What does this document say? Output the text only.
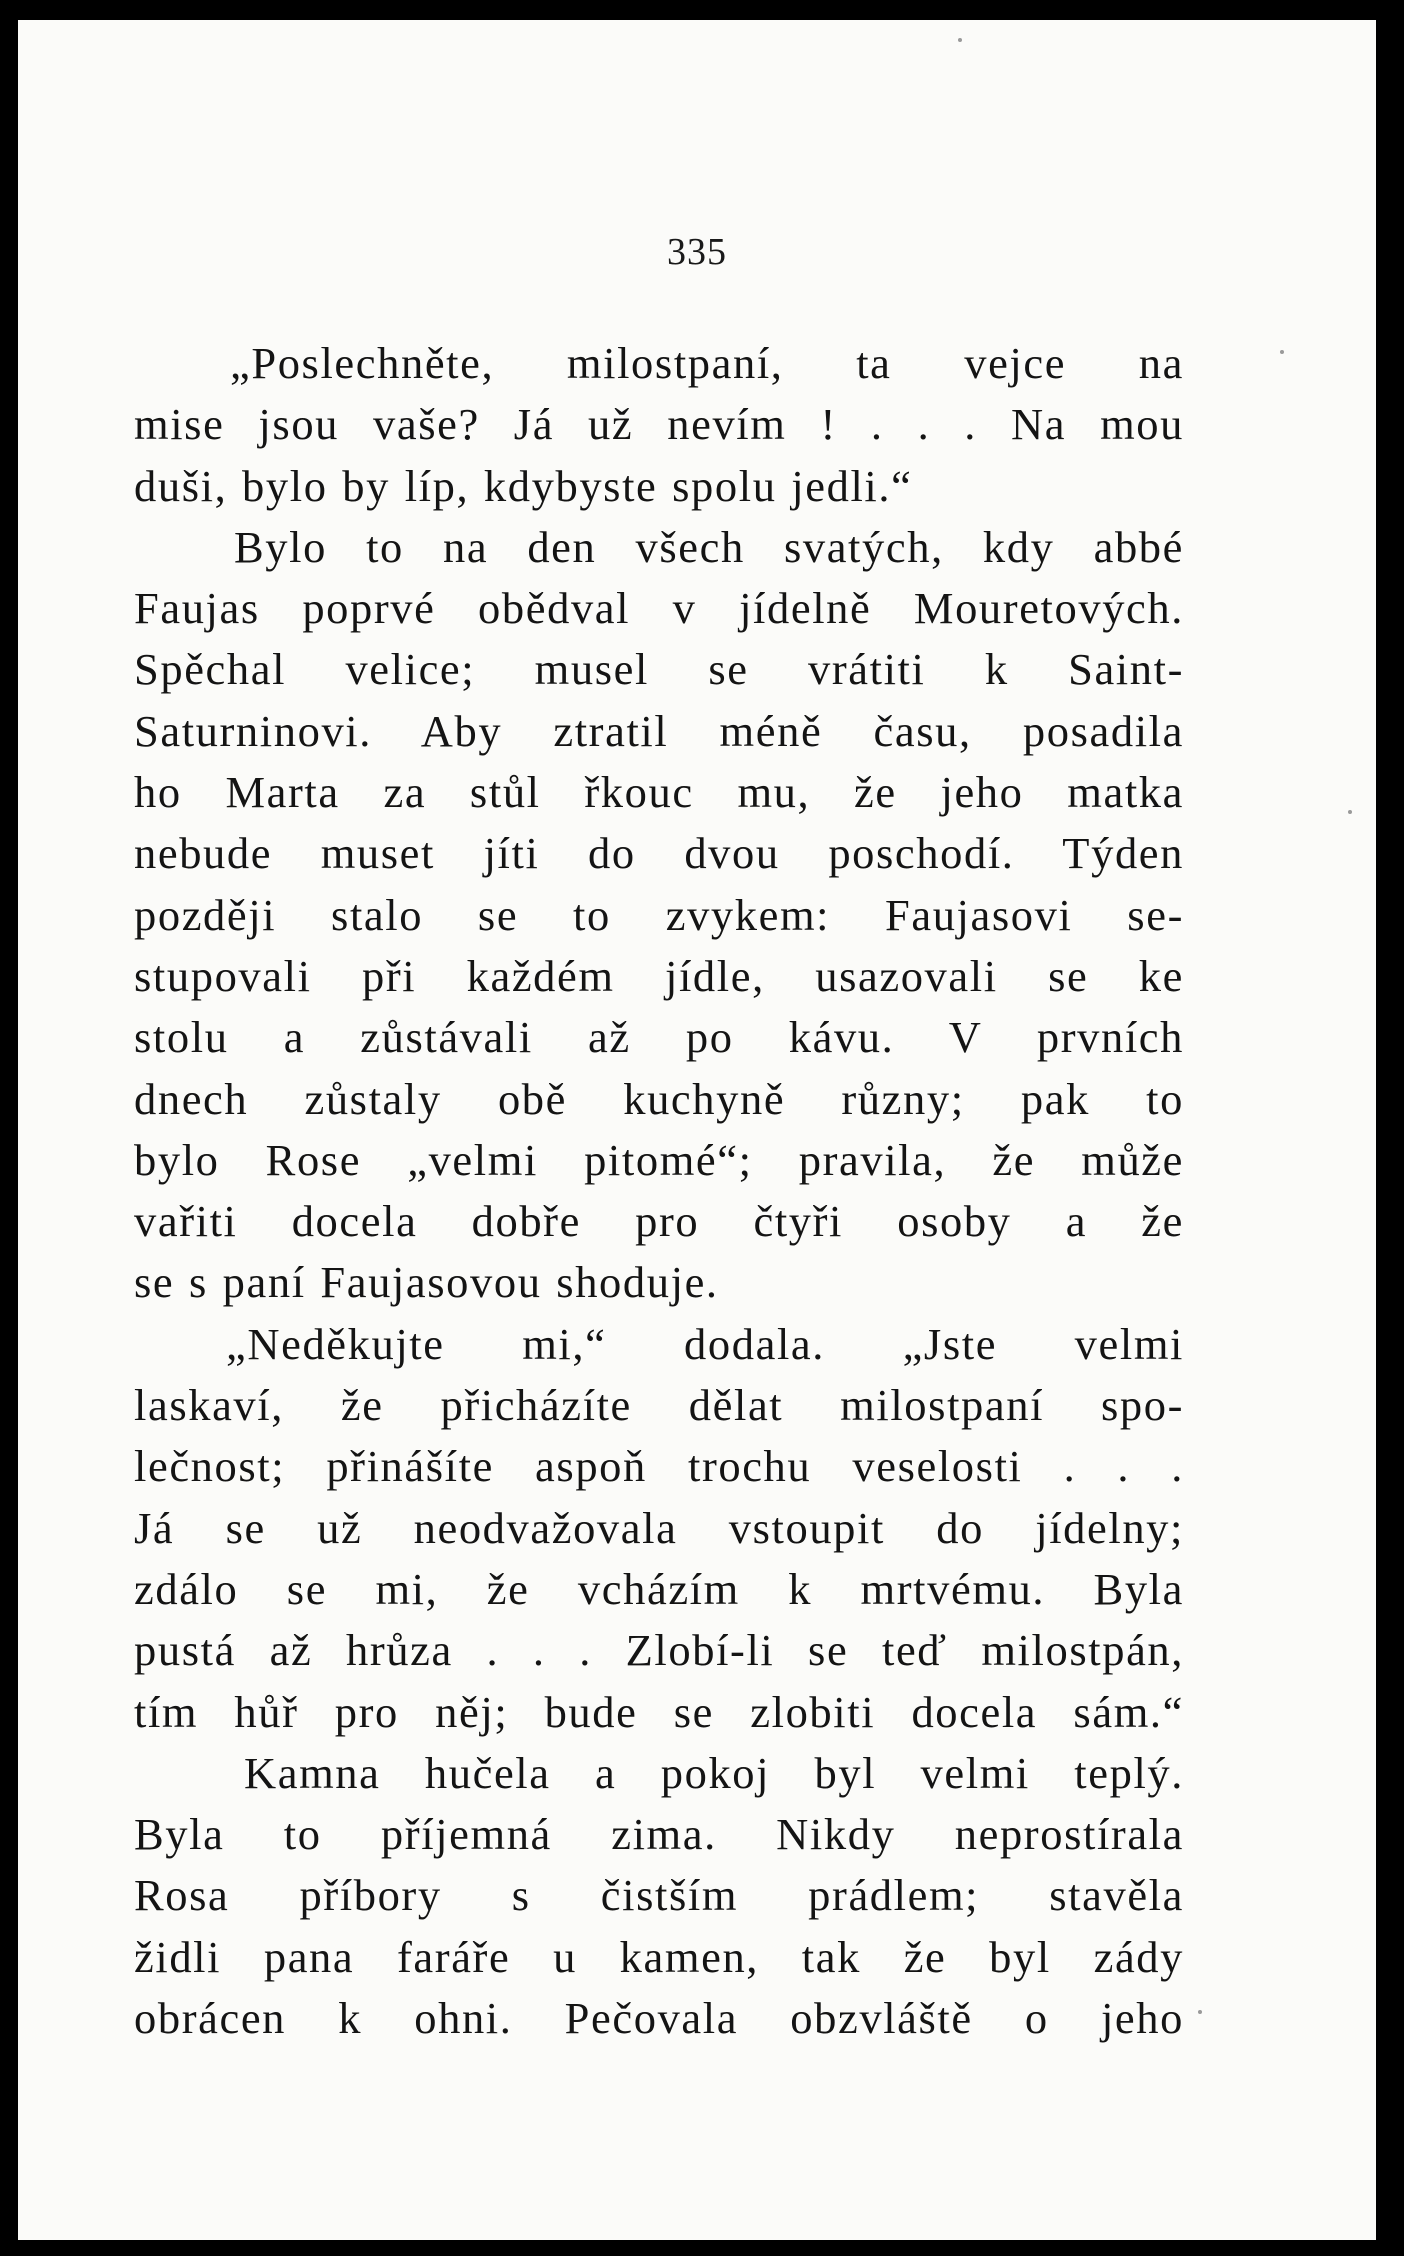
335
„Poslechněte, milostpaní, ta vejce na
mise jsou vaše? Já už nevím ! . . . Na mou
duši, bylo by líp, kdybyste spolu jedli.“
Bylo to na den všech svatých, kdy abbé
Faujas poprvé obědval v jídelně Mouretových.
Spěchal velice; musel se vrátiti k Saint-
Saturninovi. Aby ztratil méně času, posadila
ho Marta za stůl řkouc mu, že jeho matka
nebude muset jíti do dvou poschodí. Týden
později stalo se to zvykem: Faujasovi se-
stupovali při každém jídle, usazovali se ke
stolu a zůstávali až po kávu. V prvních
dnech zůstaly obě kuchyně různy; pak to
bylo Rose „velmi pitomé“; pravila, že může
vařiti docela dobře pro čtyři osoby a že
se s paní Faujasovou shoduje.
„Neděkujte mi,“ dodala. „Jste velmi
laskaví, že přicházíte dělat milostpaní spo-
lečnost; přinášíte aspoň trochu veselosti . . .
Já se už neodvažovala vstoupit do jídelny;
zdálo se mi, že vcházím k mrtvému. Byla
pustá až hrůza . . . Zlobí-li se teď milostpán,
tím hůř pro něj; bude se zlobiti docela sám.“
Kamna hučela a pokoj byl velmi teplý.
Byla to příjemná zima. Nikdy neprostírala
Rosa příbory s čistším prádlem; stavěla
židli pana faráře u kamen, tak že byl zády
obrácen k ohni. Pečovala obzvláště o jeho
